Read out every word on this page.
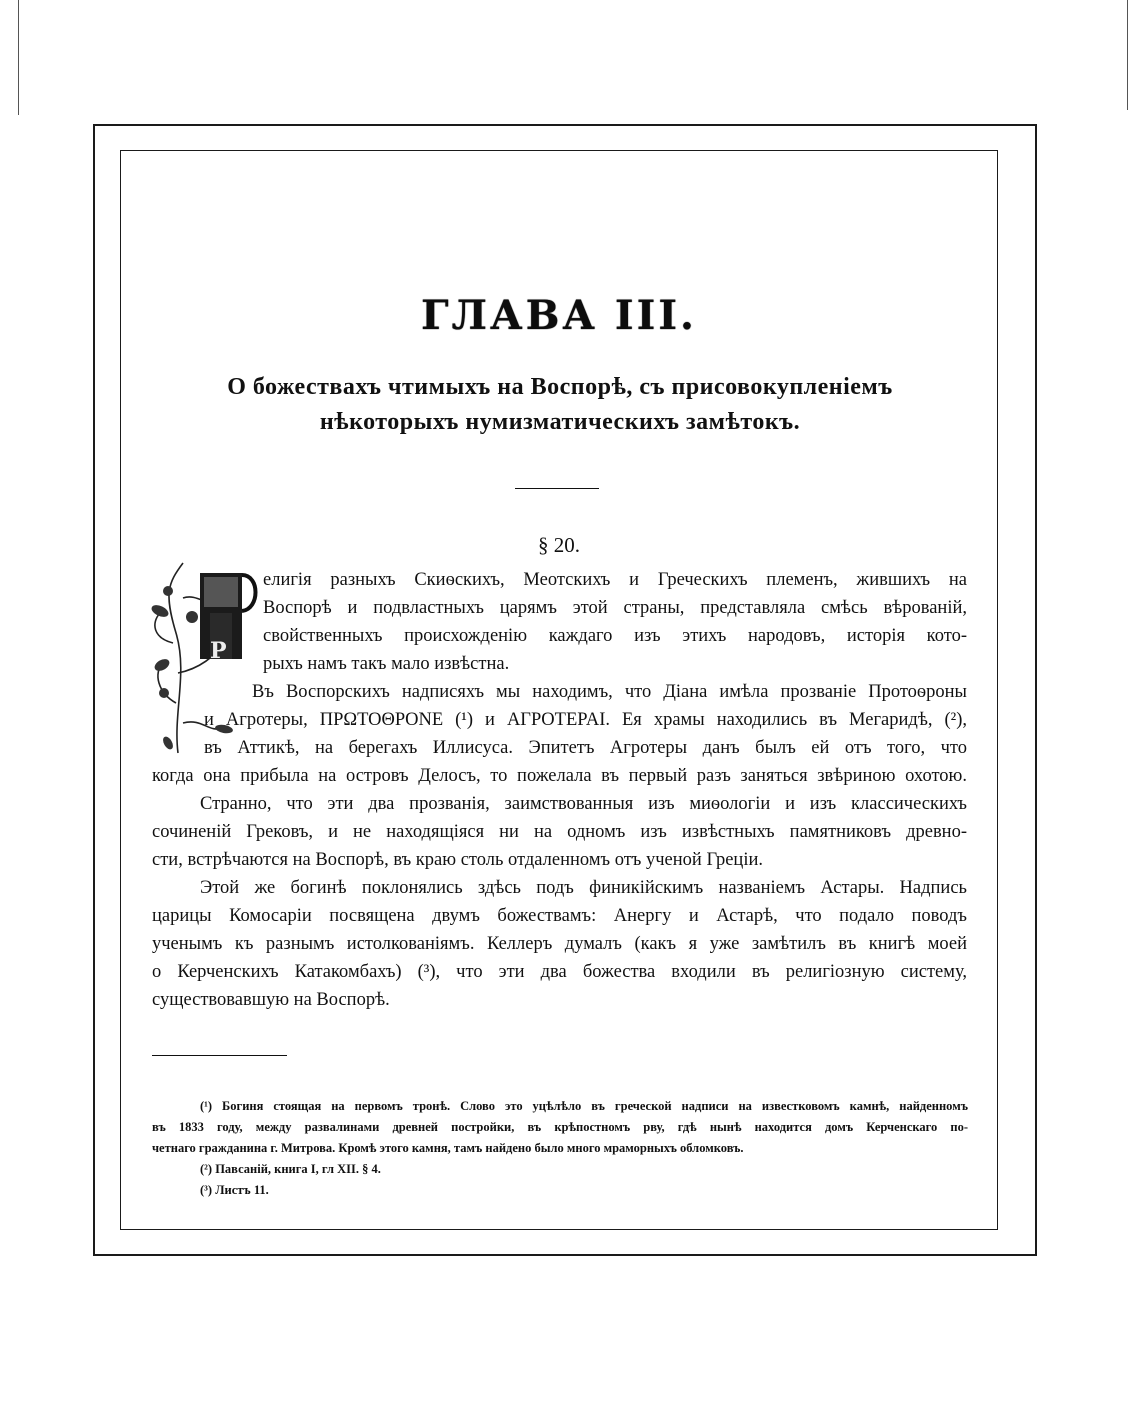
ГЛАВА III.
О божествахъ чтимыхъ на Воспорѣ, съ присовокупленіемъ
нѣкоторыхъ нумизматическихъ замѣтокъ.
§ 20.
Р
елигія разныхъ Скиѳскихъ, Меотскихъ и Греческихъ племенъ, жившихъ на
Воспорѣ и подвластныхъ царямъ этой страны, представляла смѣсь вѣрованій,
свойственныхъ происхожденію каждаго изъ этихъ народовъ, исторія кото-
рыхъ намъ такъ мало извѣстна.
Въ Воспорскихъ надписяхъ мы находимъ, что Діана имѣла прозваніе Протоѳроны
и Агротеры, ΠΡΩΤΟΘΡΟΝΕ (¹) и ΑΓΡΟΤΕΡΑΙ. Ея храмы находились въ Мегаридѣ, (²),
въ Аттикѣ, на берегахъ Иллисуса. Эпитетъ Агротеры данъ былъ ей отъ того, что
когда она прибыла на островъ Делосъ, то пожелала въ первый разъ заняться звѣриною охотою.
Странно, что эти два прозванія, заимствованныя изъ миѳологіи и изъ классическихъ
сочиненій Грековъ, и не находящіяся ни на одномъ изъ извѣстныхъ памятниковъ древно-
сти, встрѣчаются на Воспорѣ, въ краю столь отдаленномъ отъ ученой Греціи.
Этой же богинѣ поклонялись здѣсь подъ финикійскимъ названіемъ Астары. Надпись
царицы Комосаріи посвящена двумъ божествамъ: Анергу и Астарѣ, что подало поводъ
ученымъ къ разнымъ истолкованіямъ. Келлеръ думалъ (какъ я уже замѣтилъ въ книгѣ моей
о Керченскихъ Катакомбахъ) (³), что эти два божества входили въ религіозную систему,
существовавшую на Воспорѣ.
(¹) Богиня стоящая на первомъ тронѣ. Слово это уцѣлѣло въ греческой надписи на известковомъ камнѣ, найденномъ
въ 1833 году, между развалинами древней постройки, въ крѣпостномъ рву, гдѣ нынѣ находится домъ Керченскаго по-
четнаго гражданина г. Митрова. Кромѣ этого камня, тамъ найдено было много мраморныхъ обломковъ.
(²) Павсаній, книга I, гл XII. § 4.
(³) Листъ 11.
